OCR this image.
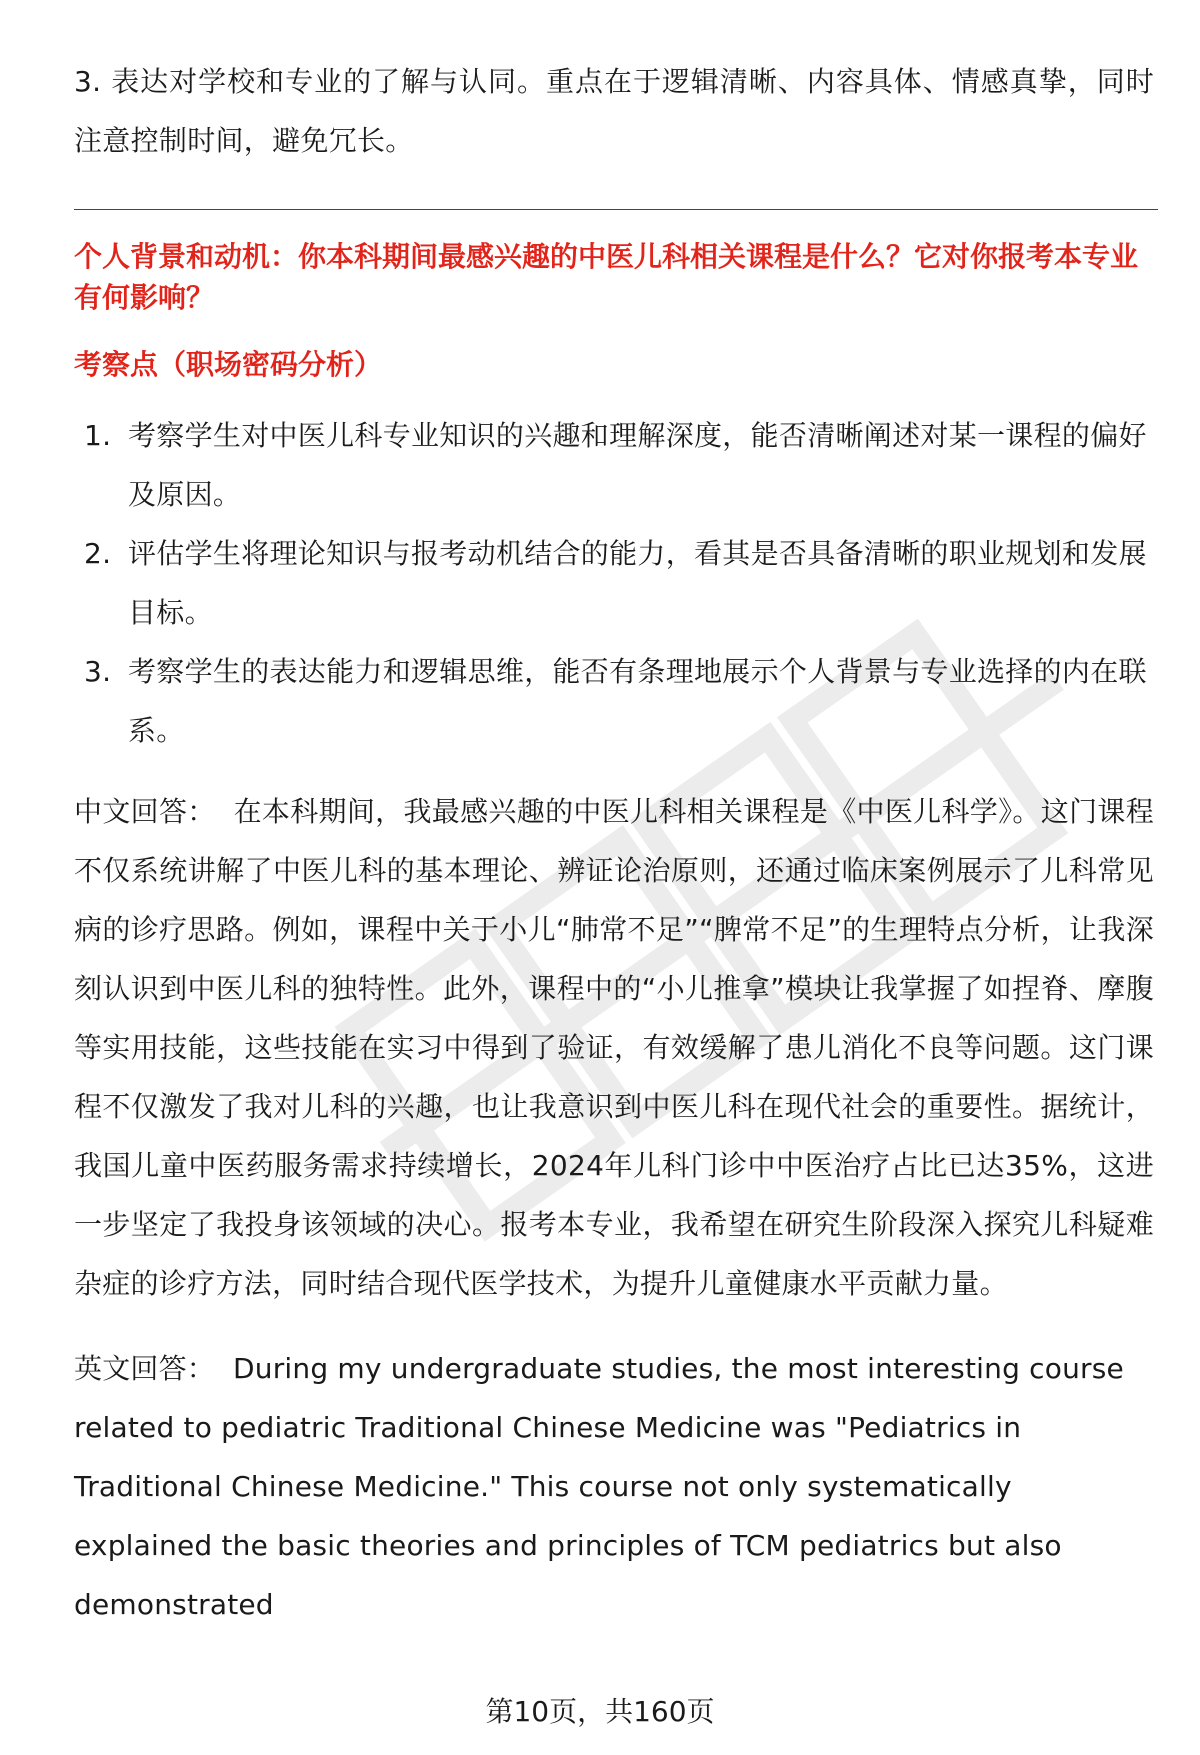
3. 表达对学校和专业的了解与认同。重点在于逻辑清晰、内容具体、情感真挚，同时注意控制时间，避免冗长。

个人背景和动机：你本科期间最感兴趣的中医儿科相关课程是什么？它对你报考本专业有何影响？

考察点（职场密码分析）

1. 考察学生对中医儿科专业知识的兴趣和理解深度，能否清晰阐述对某一课程的偏好及原因。
2. 评估学生将理论知识与报考动机结合的能力，看其是否具备清晰的职业规划和发展目标。
3. 考察学生的表达能力和逻辑思维，能否有条理地展示个人背景与专业选择的内在联系。

中文回答： 在本科期间，我最感兴趣的中医儿科相关课程是《中医儿科学》。这门课程不仅系统讲解了中医儿科的基本理论、辨证论治原则，还通过临床案例展示了儿科常见病的诊疗思路。例如，课程中关于小儿“肺常不足”“脾常不足”的生理特点分析，让我深刻认识到中医儿科的独特性。此外，课程中的“小儿推拿”模块让我掌握了如捏脊、摩腹等实用技能，这些技能在实习中得到了验证，有效缓解了患儿消化不良等问题。这门课程不仅激发了我对儿科的兴趣，也让我意识到中医儿科在现代社会的重要性。据统计，我国儿童中医药服务需求持续增长，2024年儿科门诊中中医治疗占比已达35%，这进一步坚定了我投身该领域的决心。报考本专业，我希望在研究生阶段深入探究儿科疑难杂症的诊疗方法，同时结合现代医学技术，为提升儿童健康水平贡献力量。

英文回答： During my undergraduate studies, the most interesting course related to pediatric Traditional Chinese Medicine was "Pediatrics in Traditional Chinese Medicine." This course not only systematically explained the basic theories and principles of TCM pediatrics but also demonstrated

第10页，共160页
